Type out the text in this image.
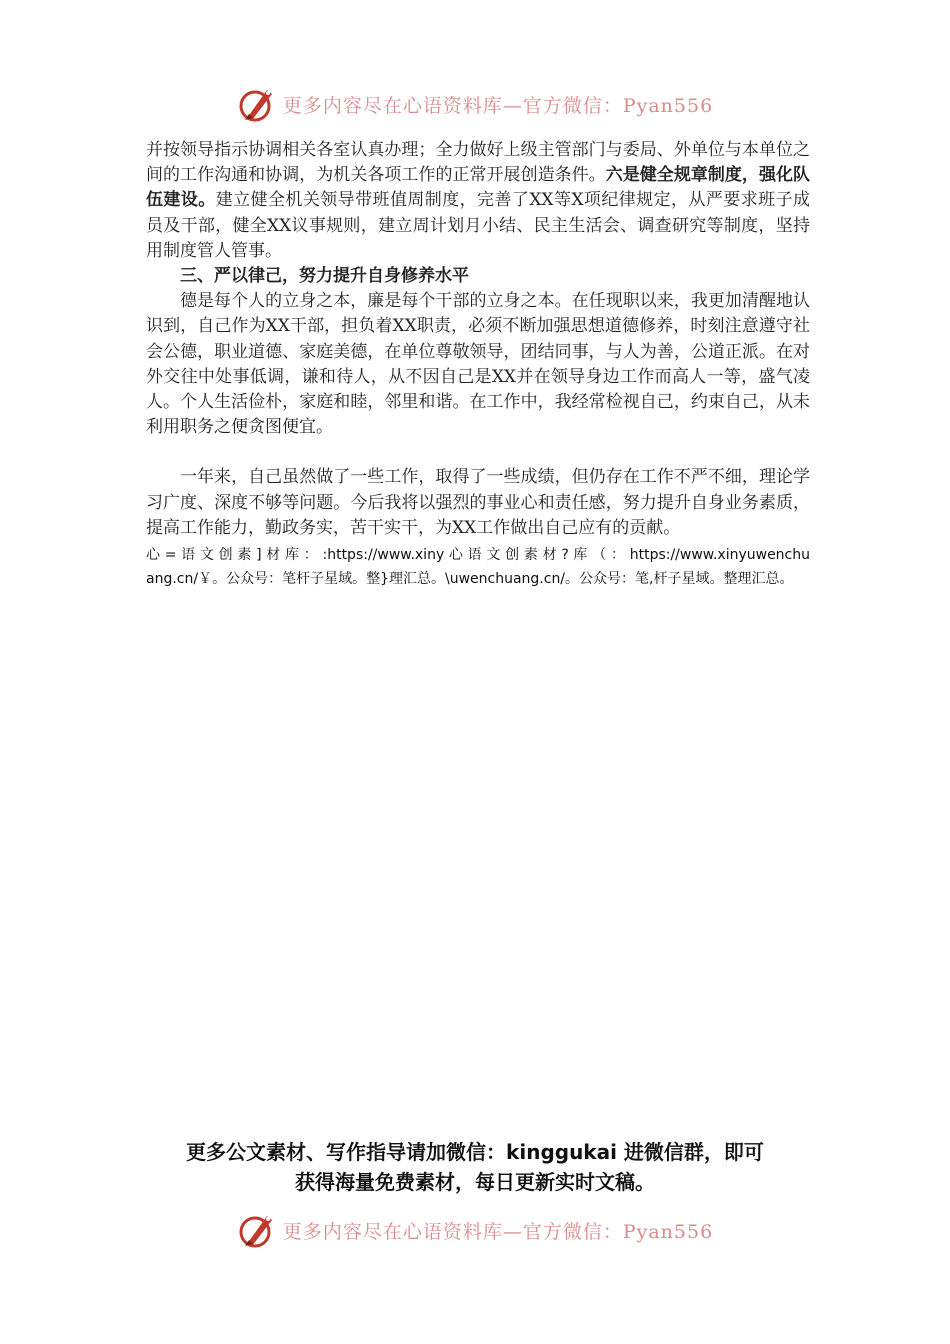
更多内容尽在心语资料库—官方微信：Pyan556

并按领导指示协调相关各室认真办理；全力做好上级主管部门与委局、外单位与本单位之间的工作沟通和协调，为机关各项工作的正常开展创造条件。六是健全规章制度，强化队伍建设。建立健全机关领导带班值周制度，完善了XX等X项纪律规定，从严要求班子成员及干部，健全XX议事规则，建立周计划月小结、民主生活会、调查研究等制度，坚持用制度管人管事。

三、严以律己，努力提升自身修养水平

德是每个人的立身之本，廉是每个干部的立身之本。在任现职以来，我更加清醒地认识到，自己作为XX干部，担负着XX职责，必须不断加强思想道德修养，时刻注意遵守社会公德，职业道德、家庭美德，在单位尊敬领导，团结同事，与人为善，公道正派。在对外交往中处事低调，谦和待人，从不因自己是XX并在领导身边工作而高人一等，盛气凌人。个人生活俭朴，家庭和睦，邻里和谐。在工作中，我经常检视自己，约束自己，从未利用职务之便贪图便宜。

一年来，自己虽然做了一些工作，取得了一些成绩，但仍存在工作不严不细，理论学习广度、深度不够等问题。今后我将以强烈的事业心和责任感，努力提升自身业务素质，提高工作能力，勤政务实，苦干实干，为XX工作做出自己应有的贡献。

心 = 语 文 创 素 ] 材 库 ： :https://www.xiny 心 语 文 创 素 材 ? 库 （ ： https://www.xinyuwenchuang.cn/￥。公众号：笔杆子星域。整}理汇总。\uwenchuang.cn/。公众号：笔,杆子星域。整理汇总。

更多公文素材、写作指导请加微信：kinggukai 进微信群，即可
获得海量免费素材，每日更新实时文稿。
更多内容尽在心语资料库—官方微信：Pyan556
